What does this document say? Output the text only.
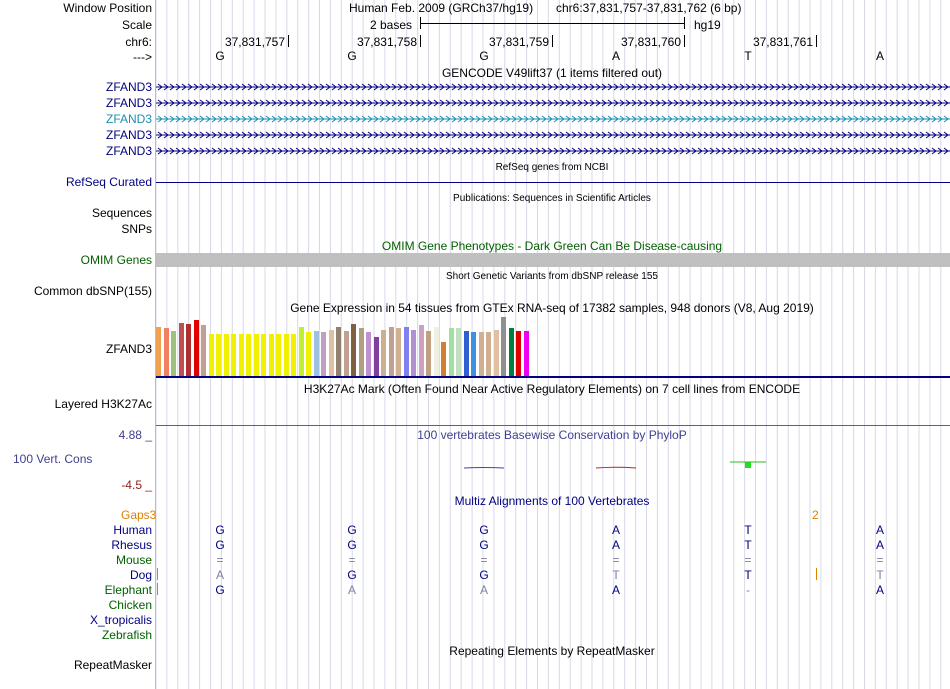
Window Position
Scale
chr6:
--->
Human Feb. 2009 (GRCh37/hg19) chr6:37,831,757-37,831,762 (6 bp)
2 bases	hg19
37,831,757	37,831,758	37,831,759	37,831,760	37,831,761
G	G	G	A	T	A
GENCODE V49lift37 (1 items filtered out)
ZFAND3
ZFAND3
ZFAND3
ZFAND3
ZFAND3
RefSeq genes from NCBI
RefSeq Curated
Publications: Sequences in Scientific Articles
Sequences
SNPs
OMIM Gene Phenotypes - Dark Green Can Be Disease-causing
OMIM Genes
Short Genetic Variants from dbSNP release 155
Common dbSNP(155)
Gene Expression in 54 tissues from GTEx RNA-seq of 17382 samples, 948 donors (V8, Aug 2019)
ZFAND3
H3K27Ac Mark (Often Found Near Active Regulatory Elements) on 7 cell lines from ENCODE
Layered H3K27Ac
100 vertebrates Basewise Conservation by PhyloP
4.88 _
100 Vert. Cons
-4.5 _
Multiz Alignments of 100 Vertebrates
Gaps3	2
Human	G	G	G	A	T	A
Rhesus	G	G	G	A	T	A
Mouse	=	=	=	=	=	=
Dog	A	G	G	T	T	T
Elephant	G	A	A	A	-	A
Chicken
X_tropicalis
Zebrafish
Repeating Elements by RepeatMasker
RepeatMasker
